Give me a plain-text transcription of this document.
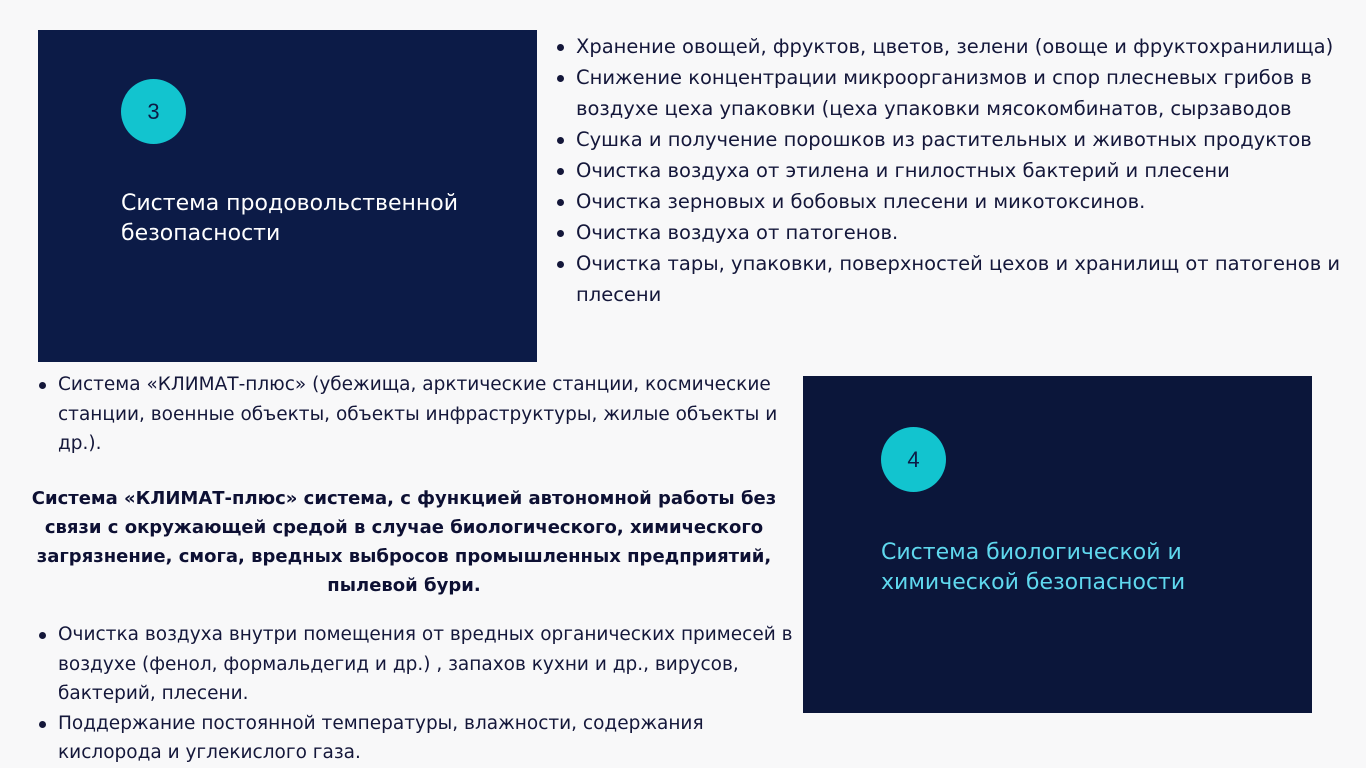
3
Система продовольственной
безопасности
Хранение овощей, фруктов, цветов, зелени (овоще и фруктохранилища)
Снижение концентрации микроорганизмов и спор плесневых грибов в воздухе цеха упаковки (цеха упаковки мясокомбинатов, сырзаводов
Сушка и получение порошков из растительных и животных продуктов
Очистка воздуха от этилена и гнилостных бактерий и плесени
Очистка зерновых и бобовых плесени и микотоксинов.
Очистка воздуха от патогенов.
Очистка тары, упаковки, поверхностей цехов и хранилищ от патогенов и плесени
Система «КЛИМАТ-плюс» (убежища, арктические станции, космические станции, военные объекты, объекты инфраструктуры, жилые объекты и др.).
Система «КЛИМАТ-плюс» система, с функцией автономной работы без связи с окружающей средой в случае биологического, химического загрязнение, смога, вредных выбросов промышленных предприятий, пылевой бури.
Очистка воздуха внутри помещения от вредных органических примесей в воздухе (фенол, формальдегид и др.) , запахов кухни и др., вирусов, бактерий, плесени.
Поддержание постоянной температуры, влажности, содержания кислорода и углекислого газа.
4
Система биологической и
химической безопасности
